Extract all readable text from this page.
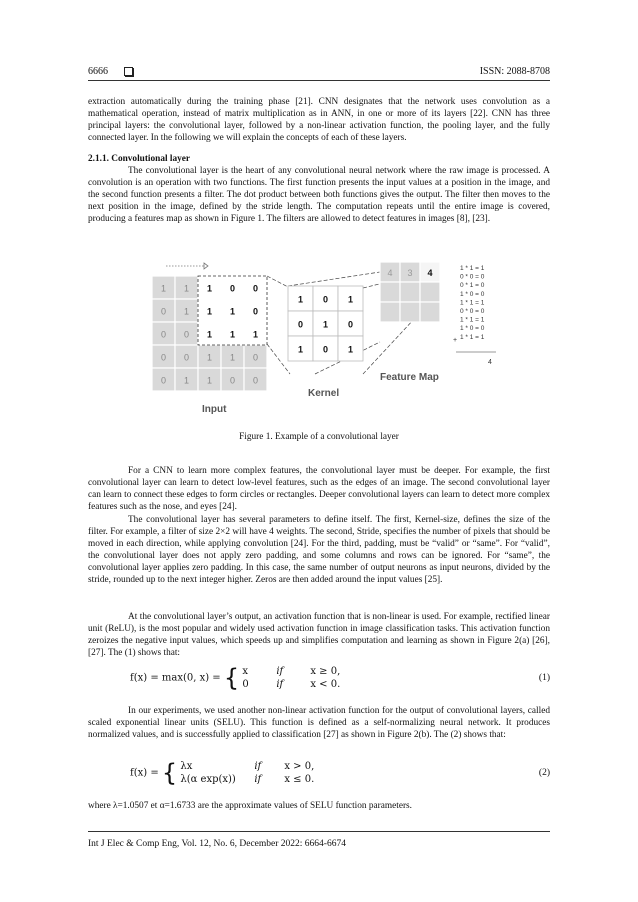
6666	ISSN: 2088-8708
extraction automatically during the training phase [21]. CNN designates that the network uses convolution as a mathematical operation, instead of matrix multiplication as in ANN, in one or more of its layers [22]. CNN has three principal layers: the convolutional layer, followed by a non-linear activation function, the pooling layer, and the fully connected layer. In the following we will explain the concepts of each of these layers.
2.1.1. Convolutional layer
The convolutional layer is the heart of any convolutional neural network where the raw image is processed. A convolution is an operation with two functions. The first function presents the input values at a position in the image, and the second function presents a filter. The dot product between both functions gives the output. The filter then moves to the next position in the image, defined by the stride length. The computation repeats until the entire image is covered, producing a features map as shown in Figure 1. The filters are allowed to detect features in images [8], [23].
1 1 1 0 0
0 1 1 1 0
0 0 1 1 1
0 0 1 1 0
0 1 1 0 0
1 0 1
0 1 0
1 0 1
4 3 4
Input
Kernel
Feature Map
1 * 1 = 1
0 * 0 = 0
0 * 1 = 0
1 * 0 = 0
1 * 1 = 1
0 * 0 = 0
1 * 1 = 1
1 * 0 = 0
1 * 1 = 1
+
4
Figure 1. Example of a convolutional layer
For a CNN to learn more complex features, the convolutional layer must be deeper. For example, the first convolutional layer can learn to detect low-level features, such as the edges of an image. The second convolutional layer can learn to connect these edges to form circles or rectangles. Deeper convolutional layers can learn to detect more complex features such as the nose, and eyes [24].
The convolutional layer has several parameters to define itself. The first, Kernel-size, defines the size of the filter. For example, a filter of size 2×2 will have 4 weights. The second, Stride, specifies the number of pixels that should be moved in each direction, while applying convolution [24]. For the third, padding, must be “valid” or “same”. For “valid”, the convolutional layer does not apply zero padding, and some columns and rows can be ignored. For “same”, the convolutional layer applies zero padding. In this case, the same number of output neurons as input neurons, divided by the stride, rounded up to the next integer higher. Zeros are then added around the input values [25].
At the convolutional layer’s output, an activation function that is non-linear is used. For example, rectified linear unit (ReLU), is the most popular and widely used activation function in image classification tasks. This activation function zeroizes the negative input values, which speeds up and simplifies computation and learning as shown in Figure 2(a) [26], [27]. The (1) shows that:
f(x) = max(0, x) = { x	if	x ≥ 0,
0	if	x < 0.
(1)
In our experiments, we used another non-linear activation function for the output of convolutional layers, called scaled exponential linear units (SELU). This function is defined as a self-normalizing neural network. It produces normalized values, and is successfully applied to classification [27] as shown in Figure 2(b). The (2) shows that:
f(x) = { λx	if x > 0,
λ(α exp(x)) if x ≤ 0.
(2)
where λ=1.0507 et α=1.6733 are the approximate values of SELU function parameters.
Int J Elec & Comp Eng, Vol. 12, No. 6, December 2022: 6664-6674
